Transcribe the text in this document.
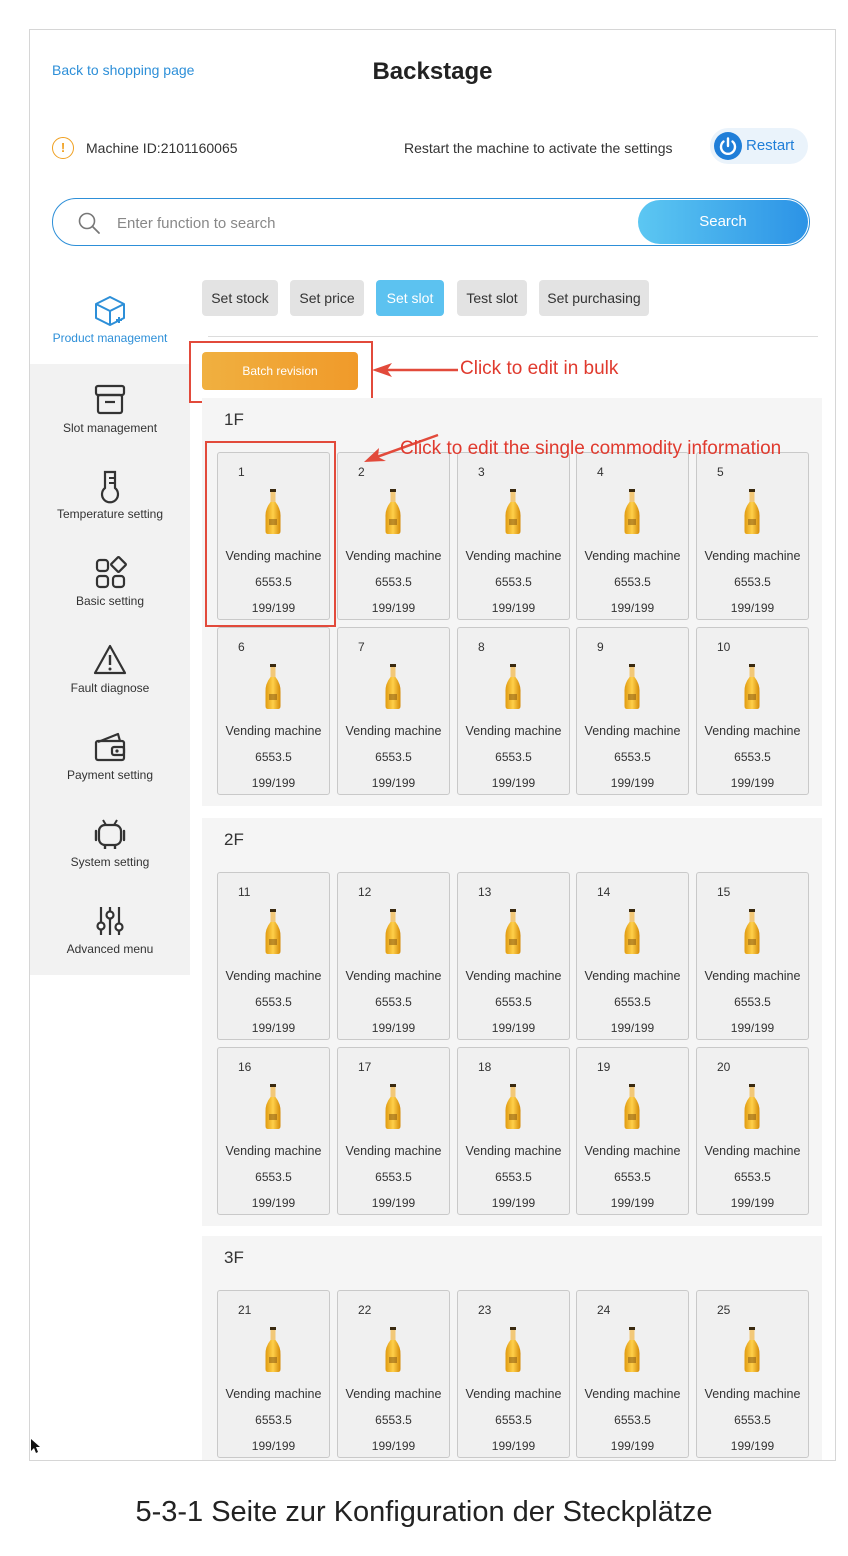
Back to shopping page	Backstage
!	Machine ID:2101160065	Restart the machine to activate the settings	Restart
Enter function to search
Search
Product management
Slot management
Temperature setting
Basic setting
Fault diagnose
Payment setting
System setting
Advanced menu
Set stock	Set price	Set slot	Test slot	Set purchasing
Batch revision	Click to edit in bulk
1F
1
Vending machine
6553.5
199/199
2
Vending machine
6553.5
199/199
3
Vending machine
6553.5
199/199
4
Vending machine
6553.5
199/199
5
Vending machine
6553.5
199/199
6
Vending machine
6553.5
199/199
7
Vending machine
6553.5
199/199
8
Vending machine
6553.5
199/199
9
Vending machine
6553.5
199/199
10
Vending machine
6553.5
199/199
Click to edit the single commodity information
2F
11
Vending machine
6553.5
199/199
12
Vending machine
6553.5
199/199
13
Vending machine
6553.5
199/199
14
Vending machine
6553.5
199/199
15
Vending machine
6553.5
199/199
16
Vending machine
6553.5
199/199
17
Vending machine
6553.5
199/199
18
Vending machine
6553.5
199/199
19
Vending machine
6553.5
199/199
20
Vending machine
6553.5
199/199
3F
21
Vending machine
6553.5
199/199
22
Vending machine
6553.5
199/199
23
Vending machine
6553.5
199/199
24
Vending machine
6553.5
199/199
25
Vending machine
6553.5
199/199
5-3-1 Seite zur Konfiguration der Steckplätze
